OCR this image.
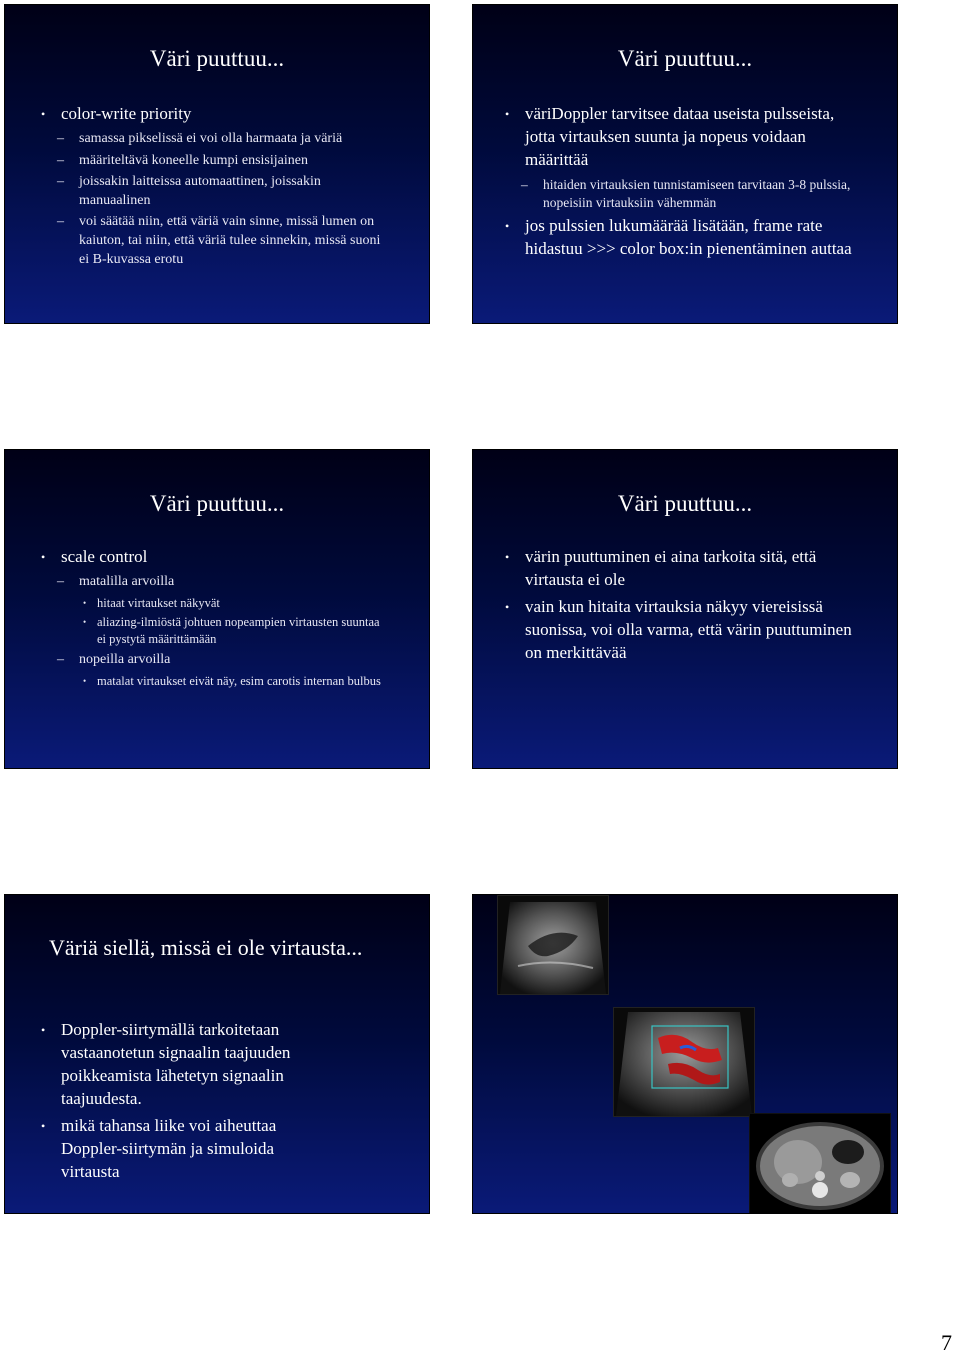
Väri puuttuu...
• color-write priority
– samassa pikselissä ei voi olla harmaata ja väriä
– määriteltävä koneelle kumpi ensisijainen
– joissakin laitteissa automaattinen, joissakin manuaalinen
– voi säätää niin, että väriä vain sinne, missä lumen on kaiuton, tai niin, että väriä tulee sinnekin, missä suoni ei B-kuvassa erotu
Väri puuttuu...
• väriDoppler tarvitsee dataa useista pulsseista, jotta virtauksen suunta ja nopeus voidaan määrittää
– hitaiden virtauksien tunnistamiseen tarvitaan 3-8 pulssia, nopeisiin virtauksiin vähemmän
• jos pulssien lukumäärää lisätään, frame rate hidastuu >>> color box:in pienentäminen auttaa
Väri puuttuu...
• scale control
– matalilla arvoilla
• hitaat virtaukset näkyvät
• aliazing-ilmiöstä johtuen nopeampien virtausten suuntaa ei pystytä määrittämään
– nopeilla arvoilla
• matalat virtaukset eivät näy, esim carotis internan bulbus
Väri puuttuu...
• värin puuttuminen ei aina tarkoita sitä, että virtausta ei ole
• vain kun hitaita virtauksia näkyy viereisissä suonissa, voi olla varma, että värin puuttuminen on merkittävää
Väriä siellä, missä ei ole virtausta...
• Doppler-siirtymällä tarkoitetaan vastaanotetun signaalin taajuuden poikkeamista lähetetyn signaalin taajuudesta.
• mikä tahansa liike voi aiheuttaa Doppler-siirtymän ja simuloida virtausta
7
